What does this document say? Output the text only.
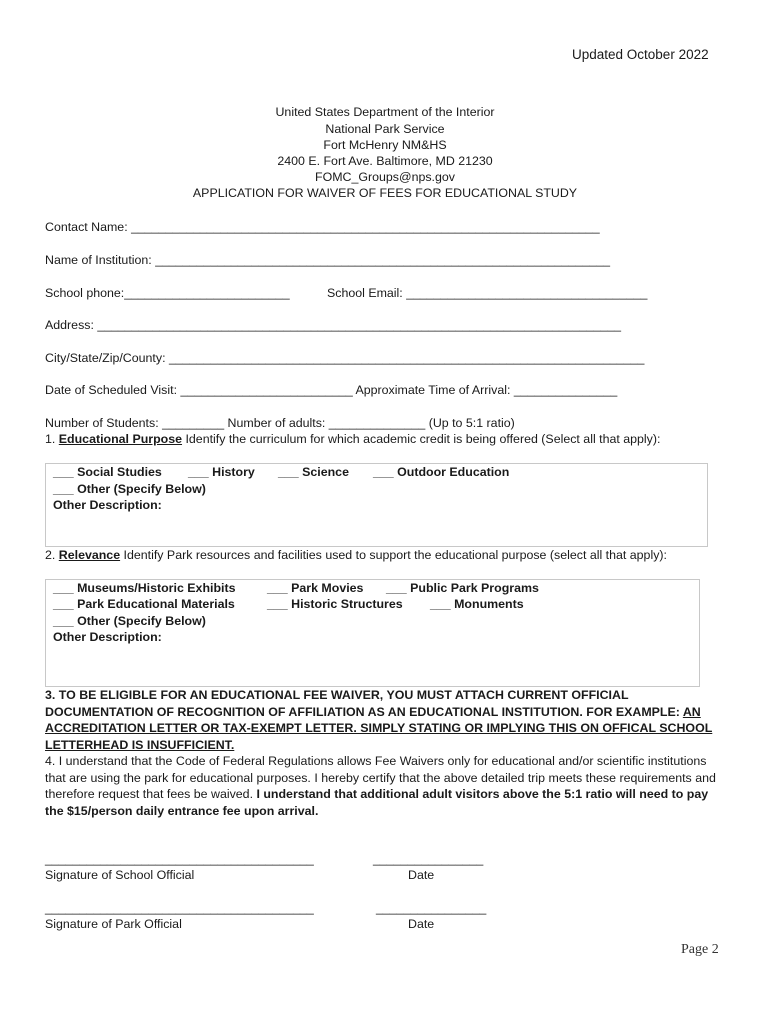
Updated October 2022
United States Department of the Interior
National Park Service
Fort McHenry NM&HS
2400 E. Fort Ave. Baltimore, MD 21230
FOMC_Groups@nps.gov
APPLICATION FOR WAIVER OF FEES FOR EDUCATIONAL STUDY
Contact Name: ____________________________________________________________________
Name of Institution: __________________________________________________________________
School phone:________________________	School Email: ___________________________________
Address: ____________________________________________________________________________
City/State/Zip/County: _____________________________________________________________________
Date of Scheduled Visit: _________________________ Approximate Time of Arrival: _______________
Number of Students: _________ Number of adults: ______________ (Up to 5:1 ratio)
1. Educational Purpose Identify the curriculum for which academic credit is being offered (Select all that apply):
___ Social Studies ___ History ___ Science ___ Outdoor Education
___ Other (Specify Below)
Other Description:
2. Relevance Identify Park resources and facilities used to support the educational purpose (select all that apply):
___ Museums/Historic Exhibits	___ Park Movies ___ Public Park Programs
___ Park Educational Materials	___ Historic Structures ___ Monuments
___ Other (Specify Below)
Other Description:
3. TO BE ELIGIBLE FOR AN EDUCATIONAL FEE WAIVER, YOU MUST ATTACH CURRENT OFFICIAL DOCUMENTATION OF RECOGNITION OF AFFILIATION AS AN EDUCATIONAL INSTITUTION. FOR EXAMPLE: AN ACCREDITATION LETTER OR TAX-EXEMPT LETTER. SIMPLY STATING OR IMPLYING THIS ON OFFICAL SCHOOL LETTERHEAD IS INSUFFICIENT.
4. I understand that the Code of Federal Regulations allows Fee Waivers only for educational and/or scientific institutions that are using the park for educational purposes. I hereby certify that the above detailed trip meets these requirements and therefore request that fees be waived. I understand that additional adult visitors above the 5:1 ratio will need to pay the $15/person daily entrance fee upon arrival.
_______________________________________	________________
Signature of School Official	Date
_______________________________________	________________
Signature of Park Official	Date
Page 2
